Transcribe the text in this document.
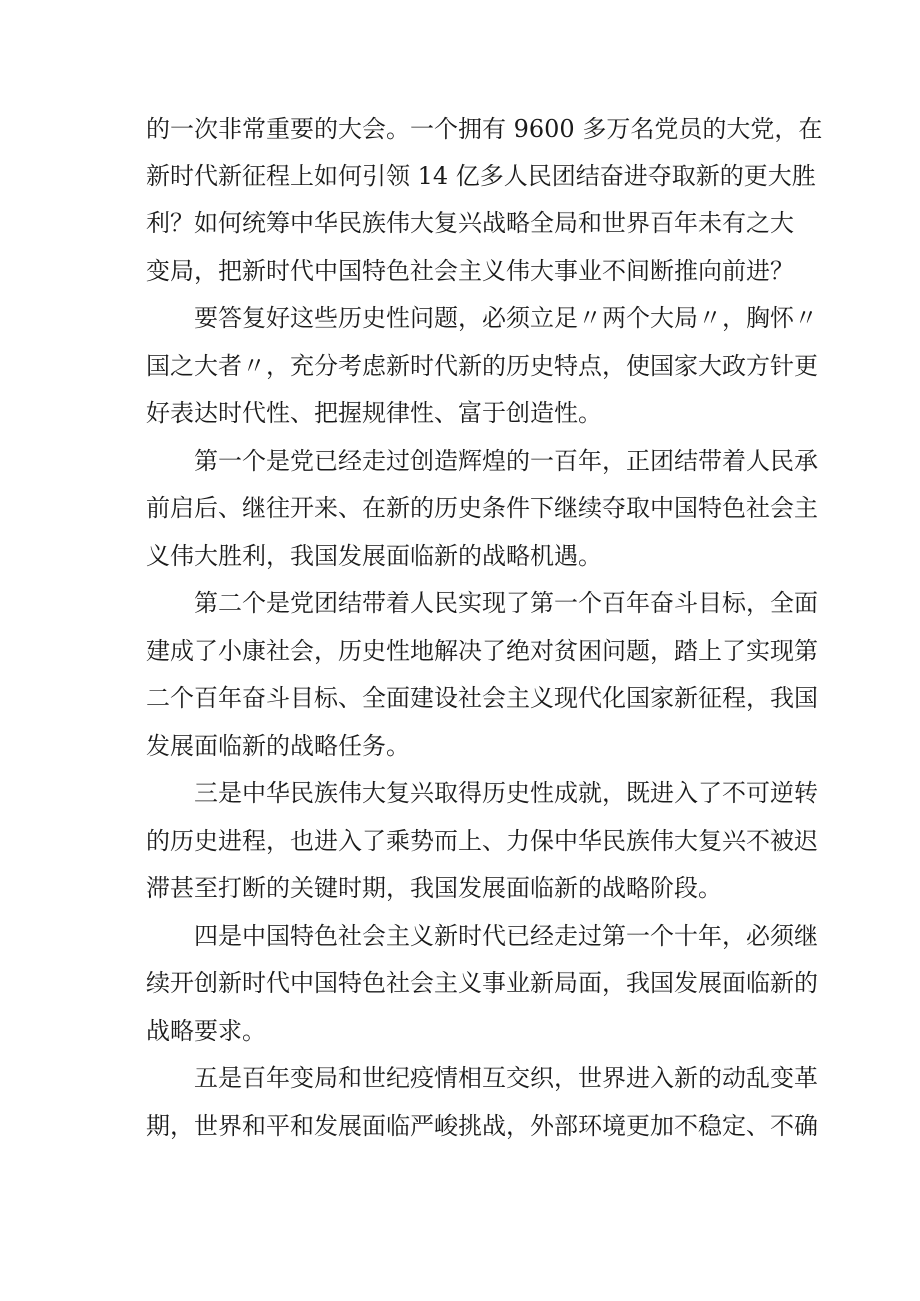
的一次非常重要的大会。一个拥有 9600 多万名党员的大党，在
新时代新征程上如何引领 14 亿多人民团结奋进夺取新的更大胜
利？如何统筹中华民族伟大复兴战略全局和世界百年未有之大
变局，把新时代中国特色社会主义伟大事业不间断推向前进？
要答复好这些历史性问题，必须立足〃两个大局〃，胸怀〃
国之大者〃，充分考虑新时代新的历史特点，使国家大政方针更
好表达时代性、把握规律性、富于创造性。
第一个是党已经走过创造辉煌的一百年，正团结带着人民承
前启后、继往开来、在新的历史条件下继续夺取中国特色社会主
义伟大胜利，我国发展面临新的战略机遇。
第二个是党团结带着人民实现了第一个百年奋斗目标，全面
建成了小康社会，历史性地解决了绝对贫困问题，踏上了实现第
二个百年奋斗目标、全面建设社会主义现代化国家新征程，我国
发展面临新的战略任务。
三是中华民族伟大复兴取得历史性成就，既进入了不可逆转
的历史进程，也进入了乘势而上、力保中华民族伟大复兴不被迟
滞甚至打断的关键时期，我国发展面临新的战略阶段。
四是中国特色社会主义新时代已经走过第一个十年，必须继
续开创新时代中国特色社会主义事业新局面，我国发展面临新的
战略要求。
五是百年变局和世纪疫情相互交织，世界进入新的动乱变革
期，世界和平和发展面临严峻挑战，外部环境更加不稳定、不确
